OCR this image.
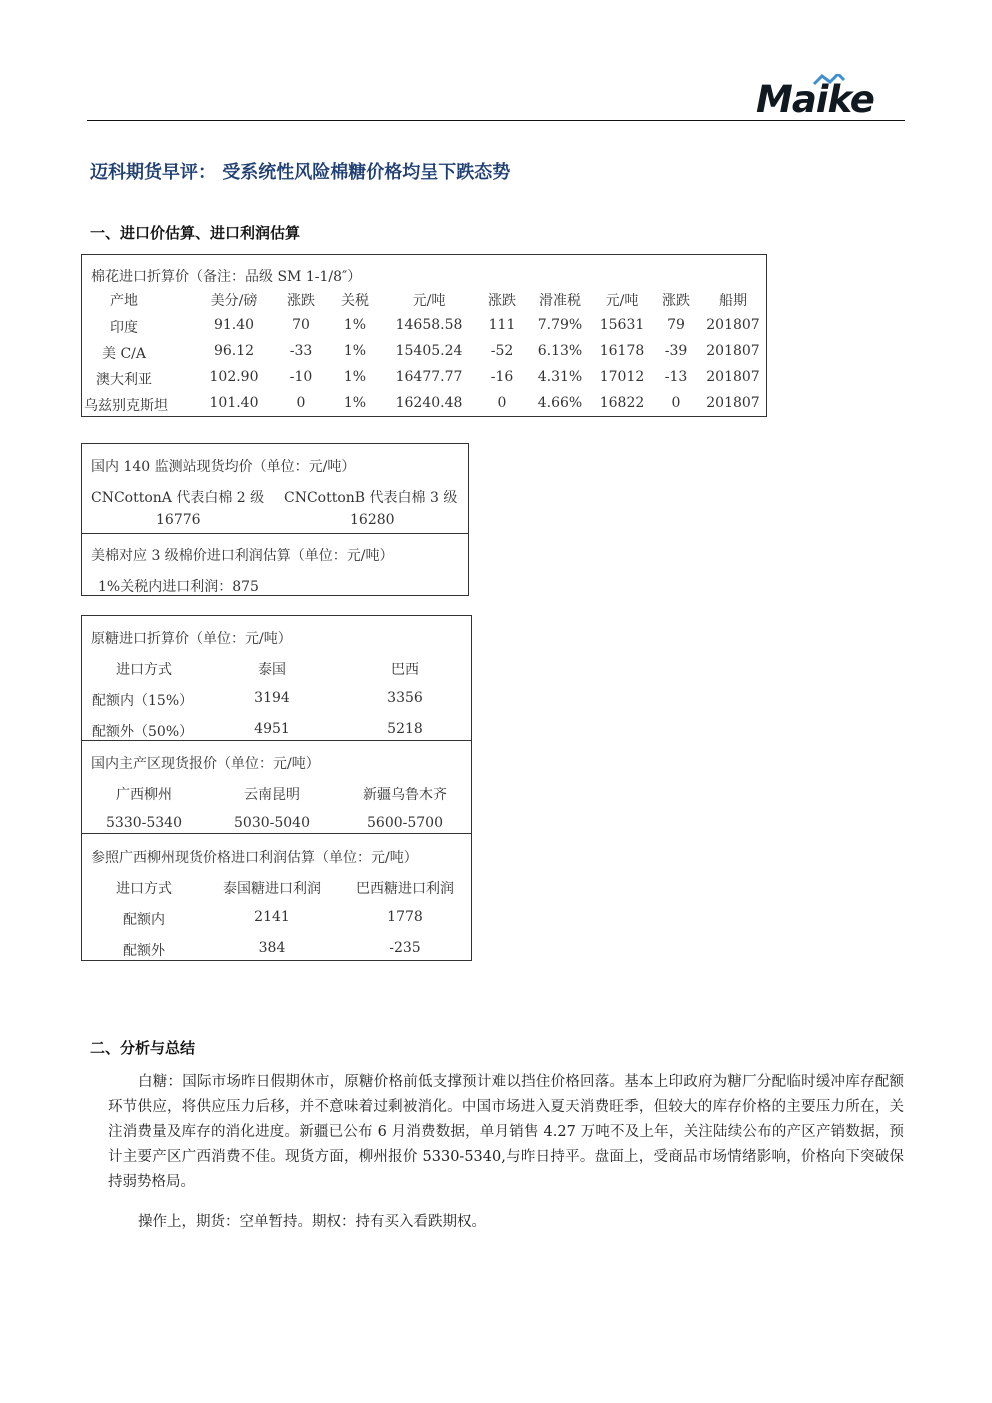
Maike
迈科期货早评： 受系统性风险棉糖价格均呈下跌态势
一、进口价估算、进口利润估算
棉花进口折算价（备注：品级 SM 1-1/8″）
产地	美分/磅	涨跌	关税	元/吨	涨跌	滑准税	元/吨	涨跌	船期
印度	91.40	70	1%	14658.58	111	7.79%	15631	79	201807
美 C/A	96.12	-33	1%	15405.24	-52	6.13%	16178	-39	201807
澳大利亚	102.90	-10	1%	16477.77	-16	4.31%	17012	-13	201807
乌兹别克斯坦	101.40	0	1%	16240.48	0	4.66%	16822	0	201807
国内 140 监测站现货均价（单位：元/吨）
CNCottonA 代表白棉 2 级 CNCottonB 代表白棉 3 级
16776	16280
美棉对应 3 级棉价进口利润估算（单位：元/吨）
1%关税内进口利润：875
原糖进口折算价（单位：元/吨）
进口方式	泰国	巴西
配额内（15%）	3194	3356
配额外（50%）	4951	5218
国内主产区现货报价（单位：元/吨）
广西柳州	云南昆明	新疆乌鲁木齐
5330-5340	5030-5040	5600-5700
参照广西柳州现货价格进口利润估算（单位：元/吨）
进口方式	泰国糖进口利润	巴西糖进口利润
配额内	2141	1778
配额外	384	-235
二、分析与总结
白糖：国际市场昨日假期休市，原糖价格前低支撑预计难以挡住价格回落。基本上印政府为糖厂分配临时缓冲库存配额环节供应，将供应压力后移，并不意味着过剩被消化。中国市场进入夏天消费旺季，但较大的库存价格的主要压力所在，关注消费量及库存的消化进度。新疆已公布 6 月消费数据，单月销售 4.27 万吨不及上年，关注陆续公布的产区产销数据，预计主要产区广西消费不佳。现货方面，柳州报价 5330-5340,与昨日持平。盘面上，受商品市场情绪影响，价格向下突破保持弱势格局。
操作上，期货：空单暂持。期权：持有买入看跌期权。
